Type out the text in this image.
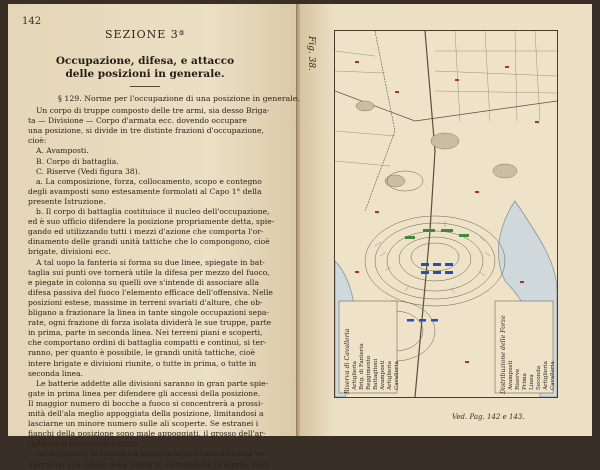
142
SEZIONE 3ª
Occupazione, difesa, e attacco
delle posizioni in generale.
§ 129. Norme per l'occupazione di una posizione in generale.
Un corpo di truppe composto delle tre armi, sia desso Briga-
ta — Divisione — Corpo d'armata ecc. dovendo occupare
una posizione, si divide in tre distinte frazioni d'occupazione,
cioè:
A. Avamposti.
B. Corpo di battaglia.
C. Riserve (Vedi figura 38).
a. La composizione, forza, collocamento, scopo e contegno
degli avamposti sono estesamente formolati al Capo 1° della
presente Istruzione.
b. Il corpo di battaglia costituisce il nucleo dell'occupazione,
ed è suo ufficio difendere la posizione propriamente detta, spie-
gando ed utilizzando tutti i mezzi d'azione che comporta l'or-
dinamento delle grandi unità tattiche che lo compongono, cioè
brigate, divisioni ecc.
A tal uopo la fanteria si forma su due linee, spiegate in bat-
taglia sui punti ove tornerà utile la difesa per mezzo del fuoco,
e piegate in colonna su quelli ove s'intende di associare alla
difesa passiva del fuoco l'elemento efficace dell'offensiva. Nelle
posizioni estese, massime in terreni svariati d'alture, che ob-
bligano a frazionare la linea in tante singole occupazioni sepa-
rate, ogni frazione di forza isolata dividerà le sue truppe, parte
in prima, parte in seconda linea. Nei terreni piani e scoperti,
che comportano ordini di battaglia compatti e continui, si ter-
ranno, per quanto è possibile, le grandi unità tattiche, cioè
intere brigate e divisioni riunite, o tutte in prima, o tutte in
seconda linea.
Le batterie addette alle divisioni saranno in gran parte spie-
gate in prima linea per difendere gli accessi della posizione.
Il maggior numero di bocche a fuoco si concentrerà a prossi-
mità dell'ala meglio appoggiata della posizione, limitandosi a
lasciarne un minore numero sulle ali scoperte. Se estranei i
fianchi della posizione sono male appoggiati, il grosso dell'ar-
tiglieria si riunisce al centro.
Gli squadroni di cavalleria leggiera addetti alle divisioni ve-
glieranno alla difesa delle batterie, formandone la scorta, mas-
Fig. 38.
Riserva di Cavalleria Artiglieria Brig. di Fanteria Reggimento Battaglioni Avamposti Artiglieria Cavalleria	Distribuzione delle Forze Avamposti Riserve Prima Linea Seconda Artiglieria Cavalleria
Ved. Pag. 142 e 143.
